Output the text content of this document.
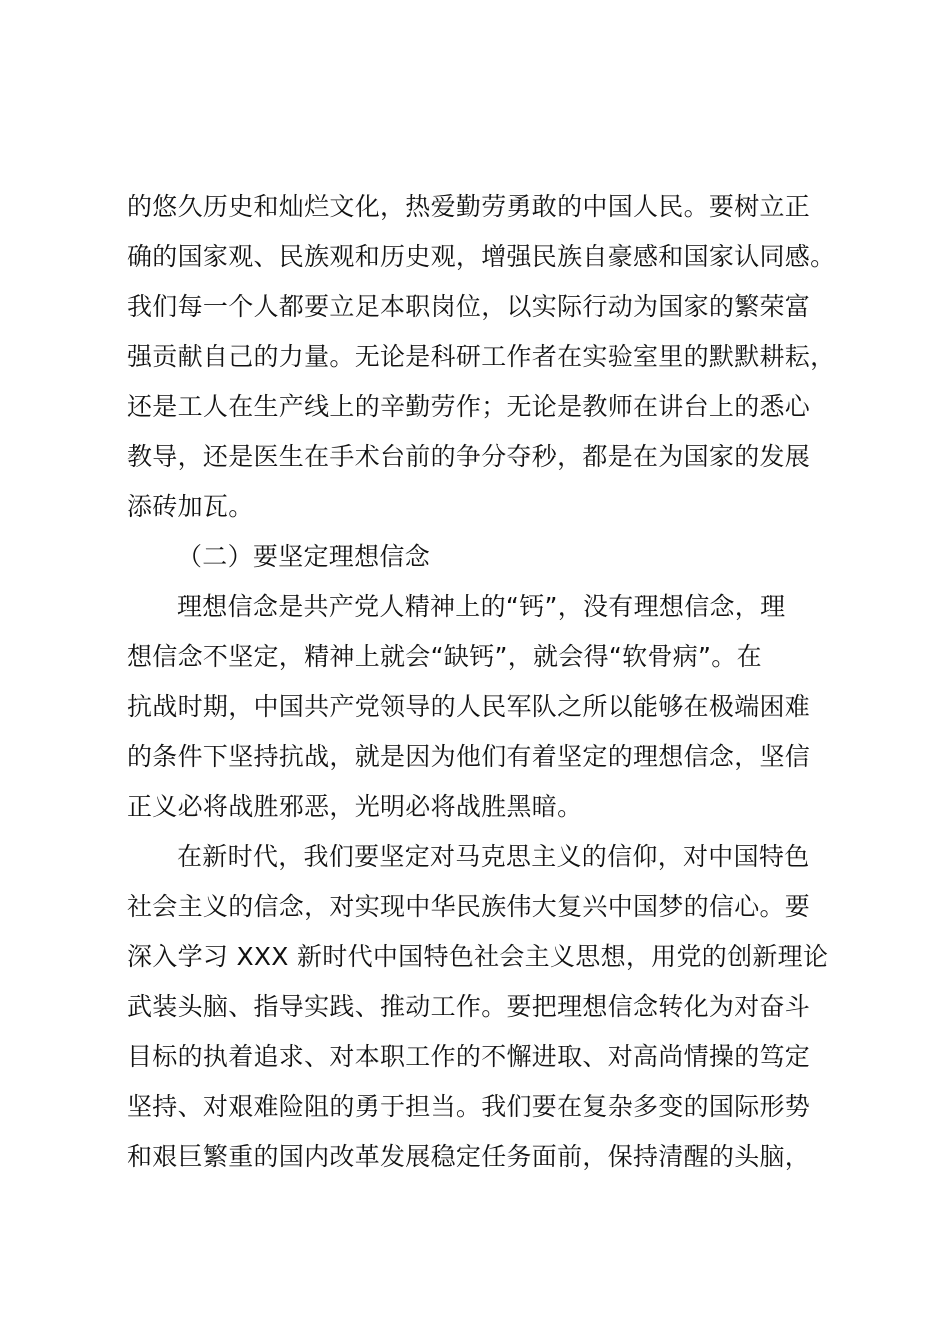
的悠久历史和灿烂文化，热爱勤劳勇敢的中国人民。要树立正
确的国家观、民族观和历史观，增强民族自豪感和国家认同感。
我们每一个人都要立足本职岗位，以实际行动为国家的繁荣富
强贡献自己的力量。无论是科研工作者在实验室里的默默耕耘，
还是工人在生产线上的辛勤劳作；无论是教师在讲台上的悉心
教导，还是医生在手术台前的争分夺秒，都是在为国家的发展
添砖加瓦。
（二）要坚定理想信念
理想信念是共产党人精神上的“钙”，没有理想信念，理
想信念不坚定，精神上就会“缺钙”，就会得“软骨病”。在
抗战时期，中国共产党领导的人民军队之所以能够在极端困难
的条件下坚持抗战，就是因为他们有着坚定的理想信念，坚信
正义必将战胜邪恶，光明必将战胜黑暗。
在新时代，我们要坚定对马克思主义的信仰，对中国特色
社会主义的信念，对实现中华民族伟大复兴中国梦的信心。要
深入学习 XXX 新时代中国特色社会主义思想，用党的创新理论
武装头脑、指导实践、推动工作。要把理想信念转化为对奋斗
目标的执着追求、对本职工作的不懈进取、对高尚情操的笃定
坚持、对艰难险阻的勇于担当。我们要在复杂多变的国际形势
和艰巨繁重的国内改革发展稳定任务面前，保持清醒的头脑，
